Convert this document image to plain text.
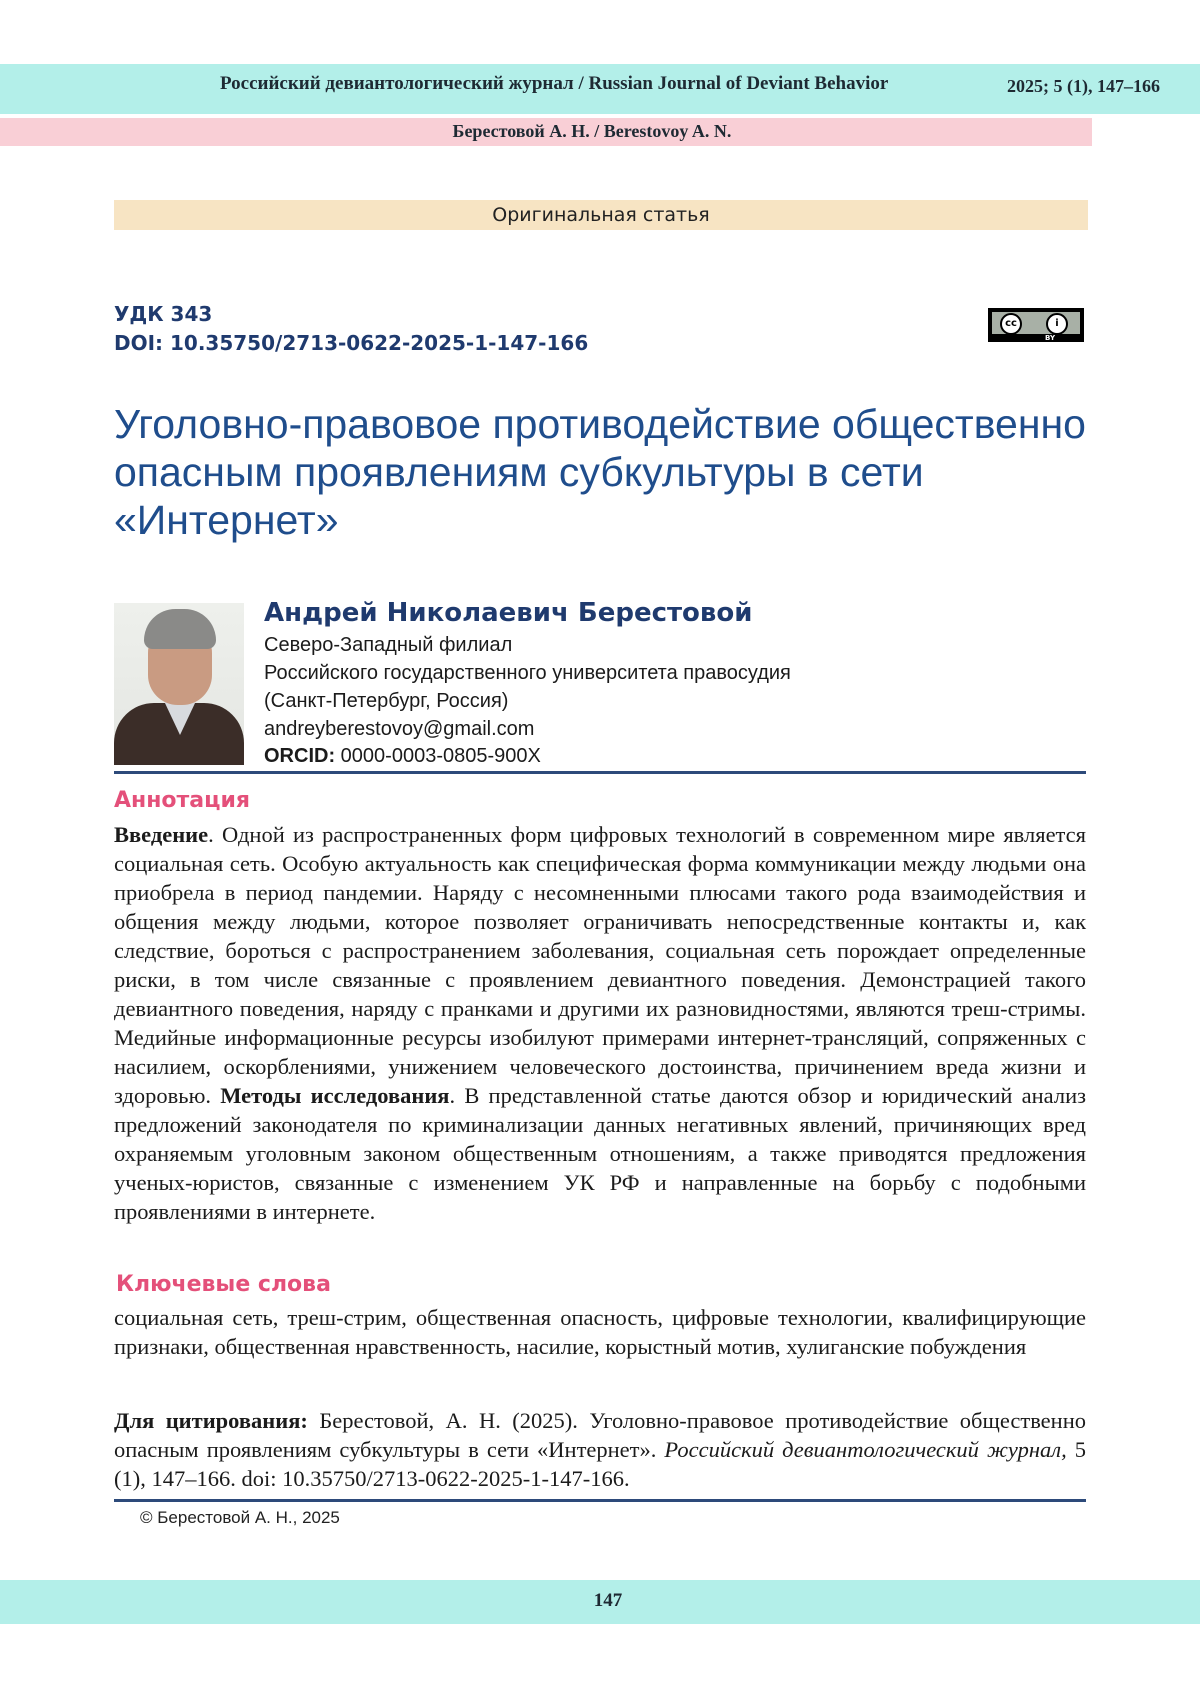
Российский девиантологический журнал / Russian Journal of Deviant Behavior	2025; 5 (1), 147–166
Берестовой А. Н. / Berestovoy A. N.
Оригинальная статья
УДК 343
DOI: 10.35750/2713-0622-2025-1-147-166
cc	i
BY
Уголовно-правовое противодействие общественно опасным проявлениям субкультуры в сети «Интернет»
Андрей Николаевич Берестовой
Северо-Западный филиал
Российского государственного университета правосудия
(Санкт-Петербург, Россия)
andreyberestovoy@gmail.com
ORCID: 0000-0003-0805-900X
Аннотация

Введение. Одной из распространенных форм цифровых технологий в современном мире является социальная сеть. Особую актуальность как специфическая форма коммуникации между людьми она приобрела в период пандемии. Наряду с несомненными плюсами такого рода взаимодействия и общения между людьми, которое позволяет ограничивать непосредственные контакты и, как следствие, бороться с распространением заболевания, социальная сеть порождает определенные риски, в том числе связанные с проявлением девиантного поведения. Демонстрацией такого девиантного поведения, наряду с пранками и другими их разновидностями, являются треш-стримы. Медийные информационные ресурсы изобилуют примерами интернет-трансляций, сопряженных с насилием, оскорблениями, унижением человеческого достоинства, причинением вреда жизни и здоровью. Методы исследования. В представленной статье даются обзор и юридический анализ предложений законодателя по криминализации данных негативных явлений, причиняющих вред охраняемым уголовным законом общественным отношениям, а также приводятся предложения ученых-юристов, связанные с изменением УК РФ и направленные на борьбу с подобными проявлениями в интернете.

Ключевые слова

социальная сеть, треш-стрим, общественная опасность, цифровые технологии, квалифицирующие признаки, общественная нравственность, насилие, корыстный мотив, хулиганские побуждения

Для цитирования: Берестовой, А. Н. (2025). Уголовно-правовое противодействие общественно опасным проявлениям субкультуры в сети «Интернет». Российский девиантологический журнал, 5 (1), 147–166. doi: 10.35750/2713-0622-2025-1-147-166.

© Берестовой А. Н., 2025
147
